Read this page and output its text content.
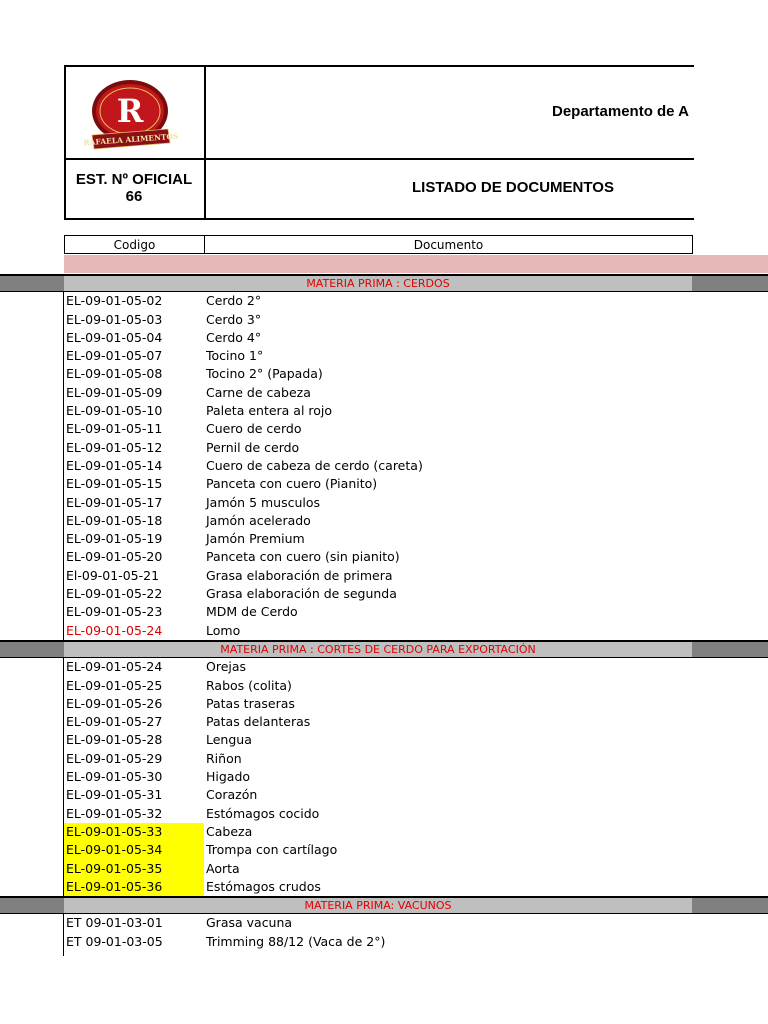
R
RAFAELA ALIMENTOS
Departamento de A
EST. Nº OFICIAL
66
LISTADO DE DOCUMENTOS
Codigo	Documento
MATERIA PRIMA : CERDOS
EL-09-01-05-02	Cerdo 2°
EL-09-01-05-03	Cerdo 3°
EL-09-01-05-04	Cerdo 4°
EL-09-01-05-07	Tocino 1°
EL-09-01-05-08	Tocino 2° (Papada)
EL-09-01-05-09	Carne de cabeza
EL-09-01-05-10	Paleta entera al rojo
EL-09-01-05-11	Cuero de cerdo
EL-09-01-05-12	Pernil de cerdo
EL-09-01-05-14	Cuero de cabeza de cerdo (careta)
EL-09-01-05-15	Panceta con cuero (Pianito)
EL-09-01-05-17	Jamón 5 musculos
EL-09-01-05-18	Jamón acelerado
EL-09-01-05-19	Jamón Premium
EL-09-01-05-20	Panceta con cuero (sin pianito)
El-09-01-05-21	Grasa elaboración de primera
EL-09-01-05-22	Grasa elaboración de segunda
EL-09-01-05-23	MDM de Cerdo
EL-09-01-05-24	Lomo
MATERIA PRIMA : CORTES DE CERDO PARA EXPORTACIÓN
EL-09-01-05-24	Orejas
EL-09-01-05-25	Rabos (colita)
EL-09-01-05-26	Patas traseras
EL-09-01-05-27	Patas delanteras
EL-09-01-05-28	Lengua
EL-09-01-05-29	Riñon
EL-09-01-05-30	Higado
EL-09-01-05-31	Corazón
EL-09-01-05-32	Estómagos cocido
EL-09-01-05-33	Cabeza
EL-09-01-05-34	Trompa con cartílago
EL-09-01-05-35	Aorta
EL-09-01-05-36	Estómagos crudos
MATERIA PRIMA: VACUNOS
ET 09-01-03-01	Grasa vacuna
ET 09-01-03-05	Trimming 88/12 (Vaca de 2°)
